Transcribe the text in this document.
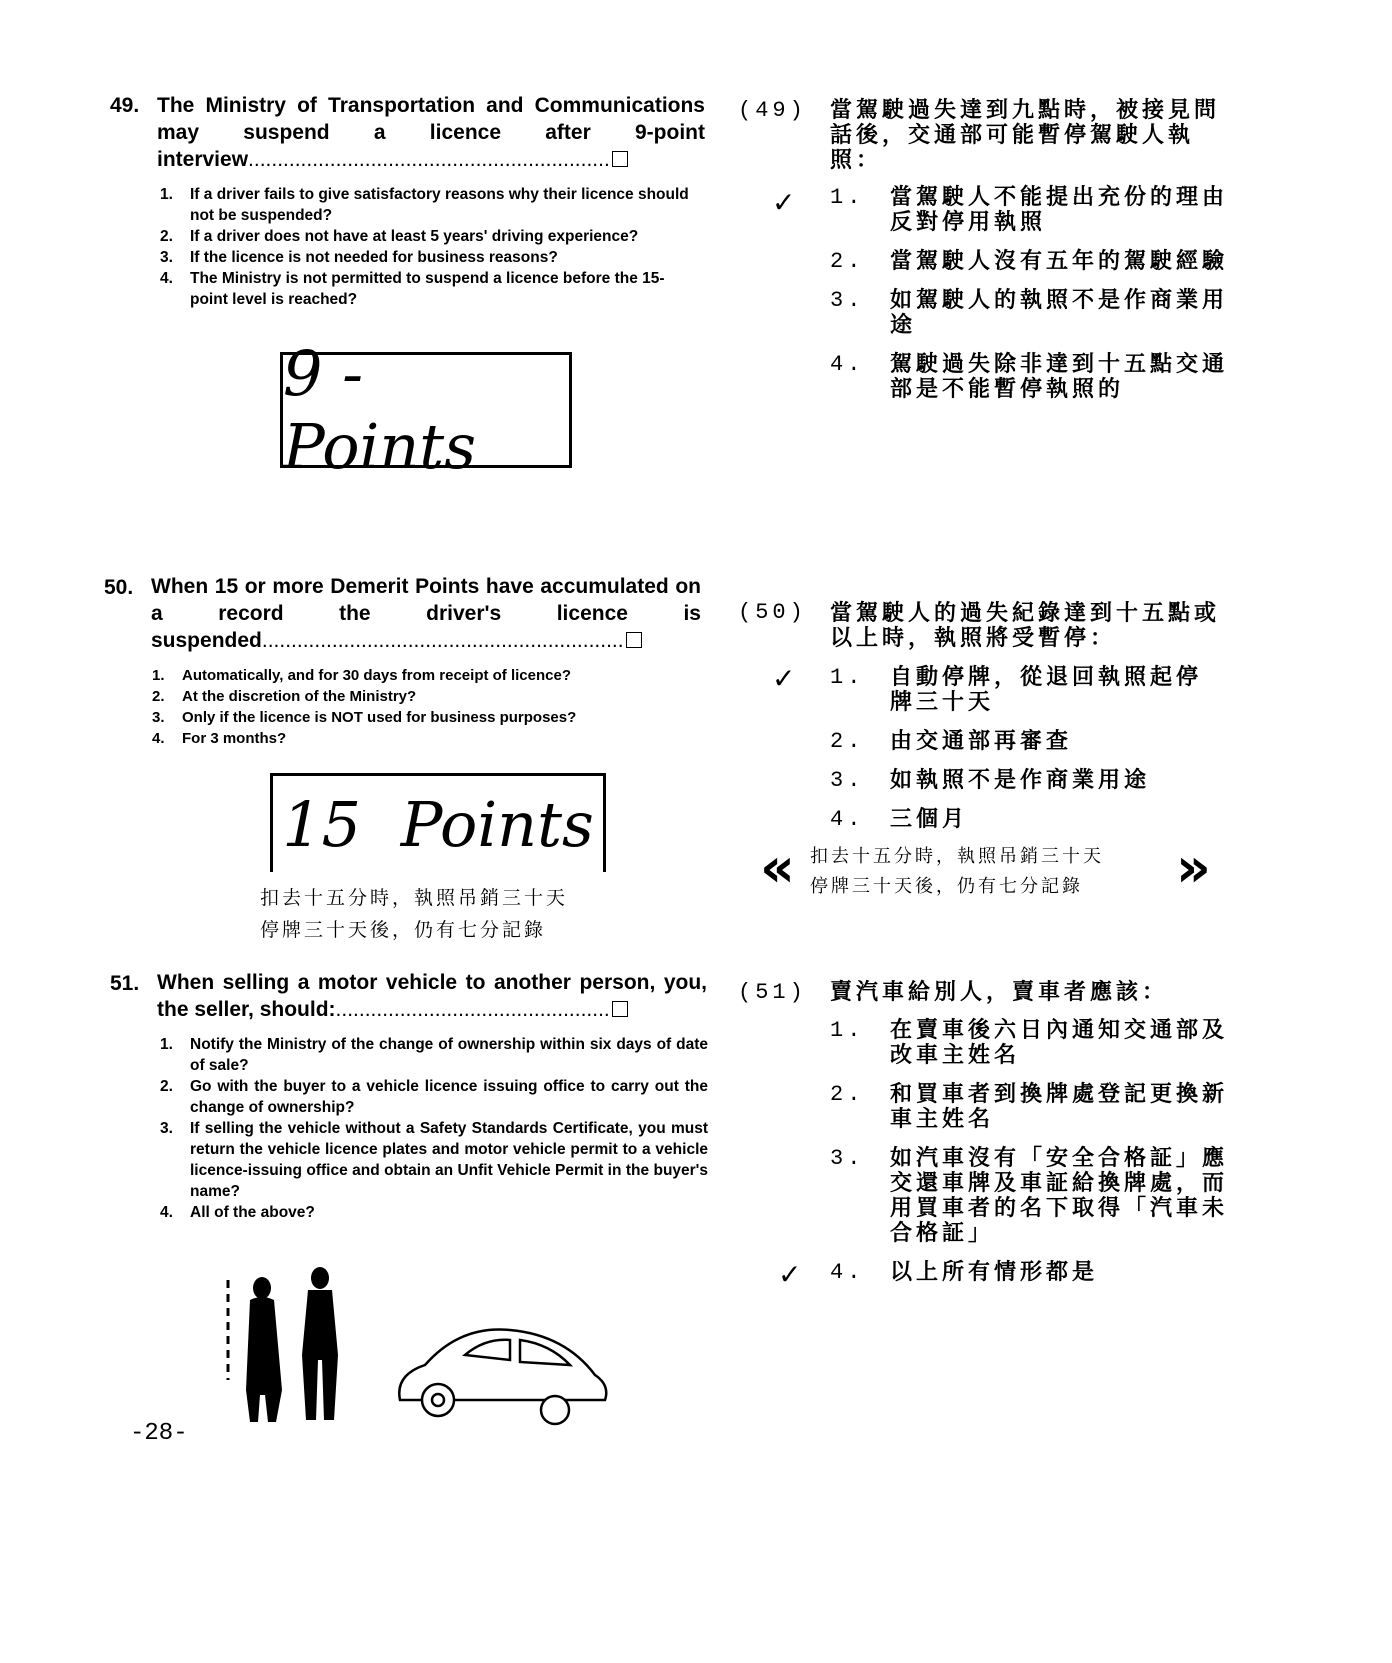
49. The Ministry of Transportation and Communications may suspend a licence after 9-point interview..............................................................
1.	If a driver fails to give satisfactory reasons why their licence should not be suspended?
2.	If a driver does not have at least 5 years' driving experience?
3.	If the licence is not needed for business reasons?
4.	The Ministry is not permitted to suspend a licence before the 15-point level is reached?
9 - Points
(49) 當駕駛過失達到九點時，被接見問話後，交通部可能暫停駕駛人執照：
✓ 1.	當駕駛人不能提出充份的理由反對停用執照
2.	當駕駛人沒有五年的駕駛經驗
3.	如駕駛人的執照不是作商業用途
4.	駕駛過失除非達到十五點交通部是不能暫停執照的
50. When 15 or more Demerit Points have accumulated on a record the driver's licence is suspended..............................................................
1.	Automatically, and for 30 days from receipt of licence?
2.	At the discretion of the Ministry?
3.	Only if the licence is NOT used for business purposes?
4.	For 3 months?
15 Points
扣去十五分時，執照吊銷三十天
停牌三十天後，仍有七分記錄
(50) 當駕駛人的過失紀錄達到十五點或以上時，執照將受暫停：
✓ 1.	自動停牌，從退回執照起停牌三十天
2.	由交通部再審查
3.	如執照不是作商業用途
4.	三個月
« 扣去十五分時，執照吊銷三十天
停牌三十天後，仍有七分記錄 »
51. When selling a motor vehicle to another person, you, the seller, should:...............................................
1.	Notify the Ministry of the change of ownership within six days of date of sale?
2.	Go with the buyer to a vehicle licence issuing office to carry out the change of ownership?
3.	If selling the vehicle without a Safety Standards Certificate, you must return the vehicle licence plates and motor vehicle permit to a vehicle licence-issuing office and obtain an Unfit Vehicle Permit in the buyer's name?
4.	All of the above?
(51) 賣汽車給別人，賣車者應該：
1.	在賣車後六日內通知交通部及改車主姓名
2.	和買車者到換牌處登記更換新車主姓名
3.	如汽車沒有「安全合格証」應交還車牌及車証給換牌處，而用買車者的名下取得「汽車未合格証」
4.	以上所有情形都是
✓
-28-
